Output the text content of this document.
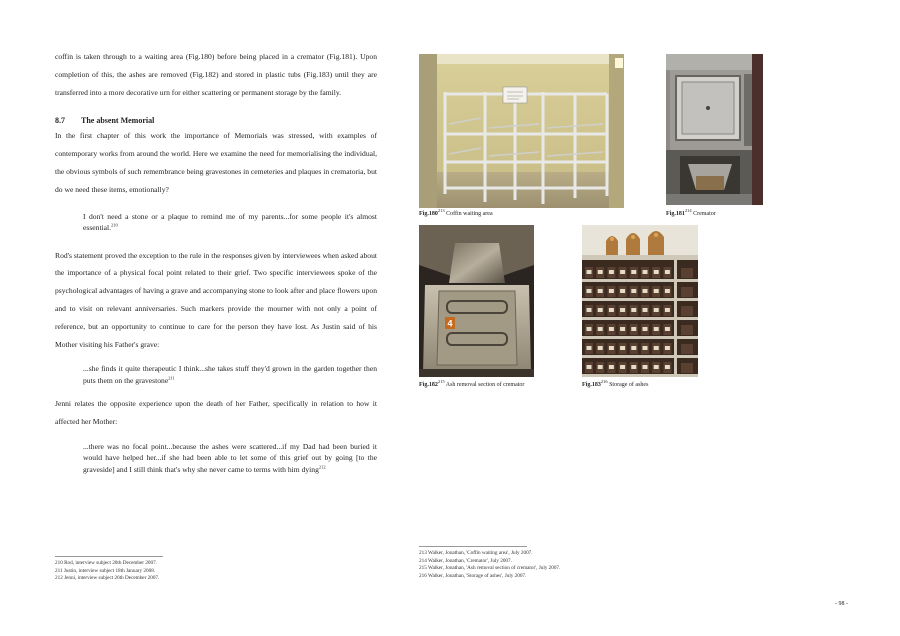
coffin is taken through to a waiting area (Fig.180) before being placed in a cremator (Fig.181). Upon completion of this, the ashes are removed (Fig.182) and stored in plastic tubs (Fig.183) until they are transferred into a more decorative urn for either scattering or permanent storage by the family.

8.7 The absent Memorial

In the first chapter of this work the importance of Memorials was stressed, with examples of contemporary works from around the world. Here we examine the need for memorialising the individual, the obvious symbols of such remembrance being gravestones in cemeteries and plaques in crematoria, but do we need these items, emotionally?

I don't need a stone or a plaque to remind me of my parents...for some people it's almost essential.$^{210}$

Rod's statement proved the exception to the rule in the responses given by interviewees when asked about the importance of a physical focal point related to their grief. Two specific interviewees spoke of the psychological advantages of having a grave and accompanying stone to look after and place flowers upon and to visit on relevant anniversaries. Such markers provide the mourner with not only a point of reference, but an opportunity to continue to care for the person they have lost. As Justin said of his Mother visiting his Father's grave:

...she finds it quite therapeutic I think...she takes stuff they'd grown in the garden together then puts them on the gravestone$^{211}$

Jenni relates the opposite experience upon the death of her Father, specifically in relation to how it affected her Mother:

...there was no focal point...because the ashes were scattered...if my Dad had been buried it would have helped her...if she had been able to let some of this grief out by going [to the graveside] and I still think that's why she never came to terms with him dying$^{212}$

210 Rod, interview subject 20th December 2007.
211 Justin, interview subject 18th January 2008.
212 Jenni, interview subject 26th December 2007.
Fig.180$^{213}$ Coffin waiting area	Fig.181$^{214}$ Cremator
4
Fig.182$^{215}$ Ash removal section of cremator	Fig.183$^{216}$ Storage of ashes
213 Walker, Jonathan, 'Coffin waiting area', July 2007.
214 Walker, Jonathan, 'Cremator', July 2007.
215 Walker, Jonathan, 'Ash removal section of cremator', July 2007.
216 Walker, Jonathan, 'Storage of ashes', July 2007.
- 98 -
